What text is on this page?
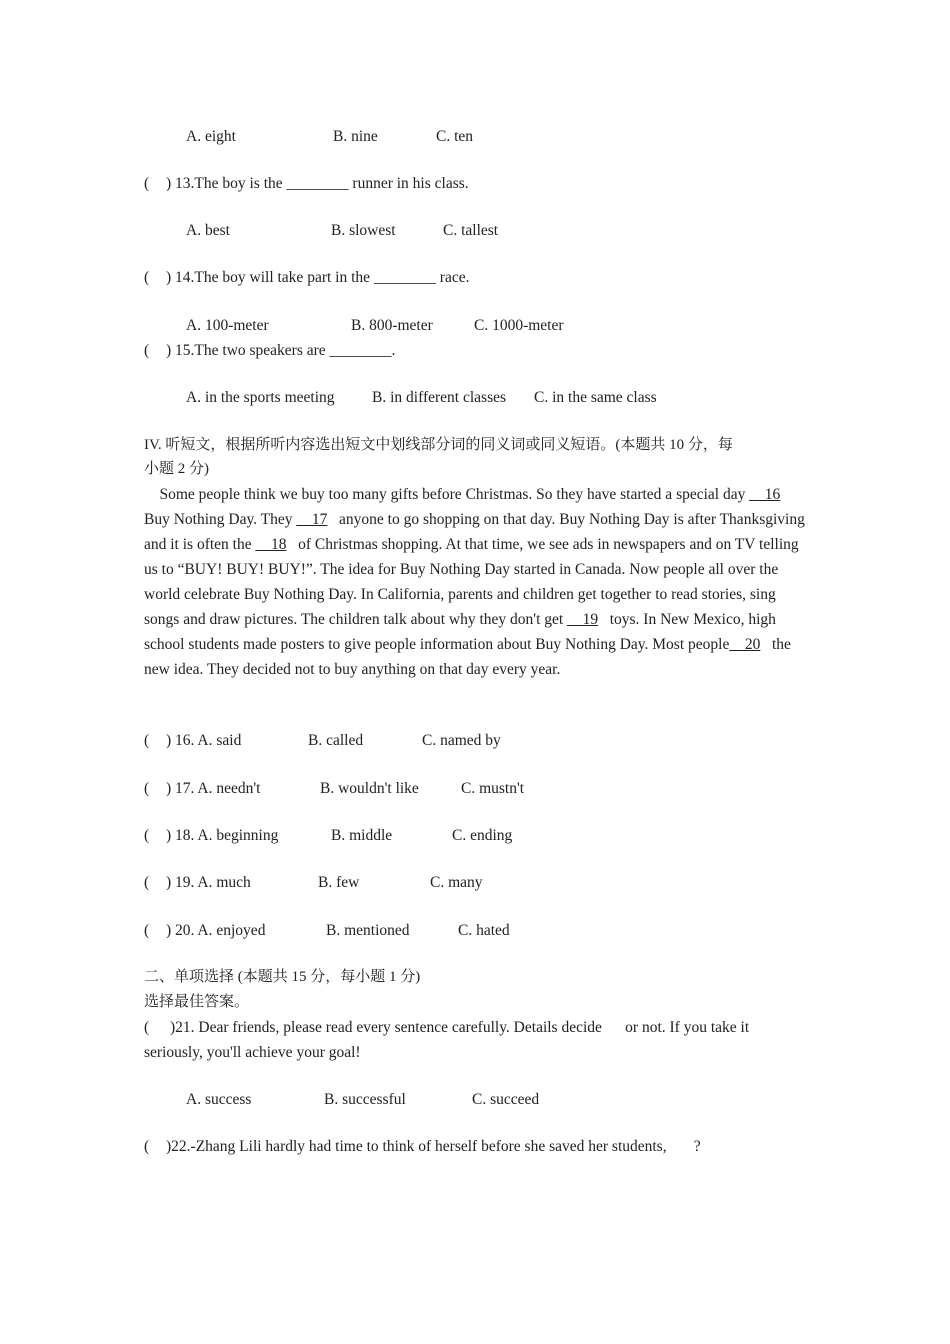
A. eight	B. nine	C. ten
( ) 13.The boy is the ________ runner in his class.
A. best	B. slowest	C. tallest
( ) 14.The boy will take part in the ________ race.
A. 100-meter	B. 800-meter	C. 1000-meter
( ) 15.The two speakers are ________.
A. in the sports meeting B. in different classes C. in the same class
IV. 听短文，根据所听内容选出短文中划线部分词的同义词或同义短语。(本题共 10 分，每
小题 2 分)
Some people think we buy too many gifts before Christmas. So they have started a special day __16   Buy Nothing Day. They __17   anyone to go shopping on that day. Buy Nothing Day is after Thanksgiving and it is often the __18   of Christmas shopping. At that time, we see ads in newspapers and on TV telling us to “BUY! BUY! BUY!”. The idea for Buy Nothing Day started in Canada. Now people all over the world celebrate Buy Nothing Day. In California, parents and children get together to read stories, sing songs and draw pictures. The children talk about why they don't get __19   toys. In New Mexico, high school students made posters to give people information about Buy Nothing Day. Most people__20   the new idea. They decided not to buy anything on that day every year.
( ) 16. A. said	B. called	C. named by
( ) 17. A. needn't	B. wouldn't like	C. mustn't
( ) 18. A. beginning	B. middle	C. ending
( ) 19. A. much	B. few	C. many
( ) 20. A. enjoyed	B. mentioned	C. hated
二、单项选择 (本题共 15 分，每小题 1 分)
选择最佳答案。
( )21. Dear friends, please read every sentence carefully. Details decide      or not. If you take it
seriously, you'll achieve your goal!
A. success	B. successful	C. succeed
( )22.-Zhang Lili hardly had time to think of herself before she saved her students,       ?
